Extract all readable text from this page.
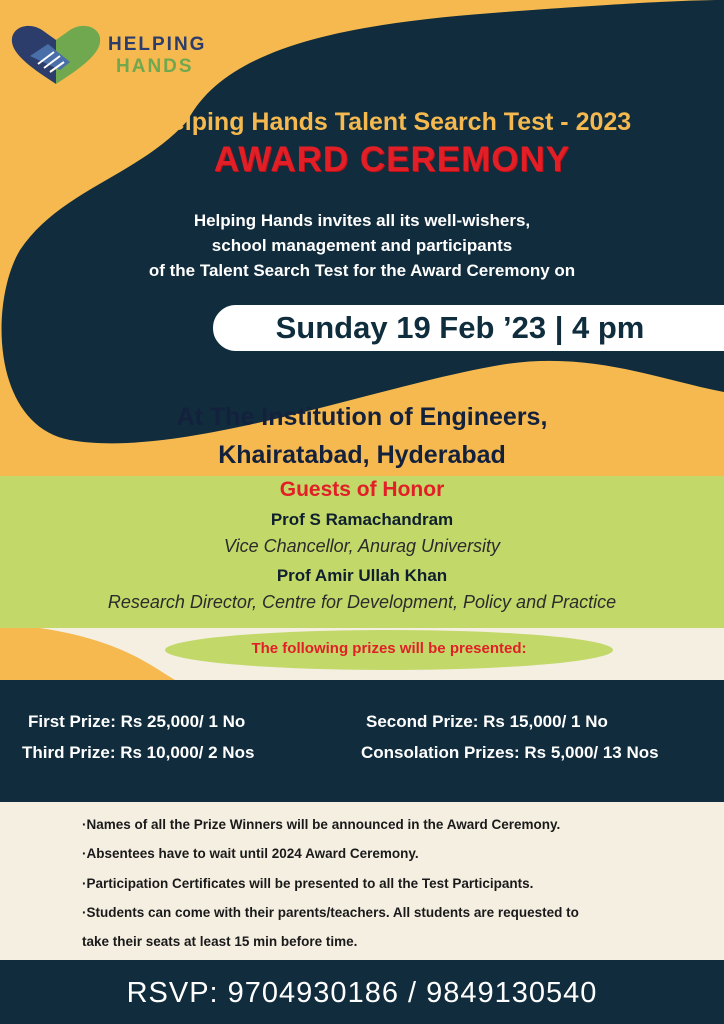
HELPING
HANDS
Helping Hands Talent Search Test - 2023
AWARD CEREMONY
Helping Hands invites all its well-wishers,
school management and participants
of the Talent Search Test for the Award Ceremony on
Sunday 19 Feb ’23 | 4 pm
At The Institution of Engineers,
Khairatabad, Hyderabad
Guests of Honor
Prof S Ramachandram
Vice Chancellor, Anurag University
Prof Amir Ullah Khan
Research Director, Centre for Development, Policy and Practice
The following prizes will be presented:
First Prize: Rs 25,000/ 1 No	Second Prize: Rs 15,000/ 1 No
Third Prize: Rs 10,000/ 2 Nos	Consolation Prizes: Rs 5,000/ 13 Nos
·Names of all the Prize Winners will be announced in the Award Ceremony.
·Absentees have to wait until 2024 Award Ceremony.
·Participation Certificates will be presented to all the Test Participants.
·Students can come with their parents/teachers. All students are requested to
take their seats at least 15 min before time.
RSVP: 9704930186 / 9849130540
